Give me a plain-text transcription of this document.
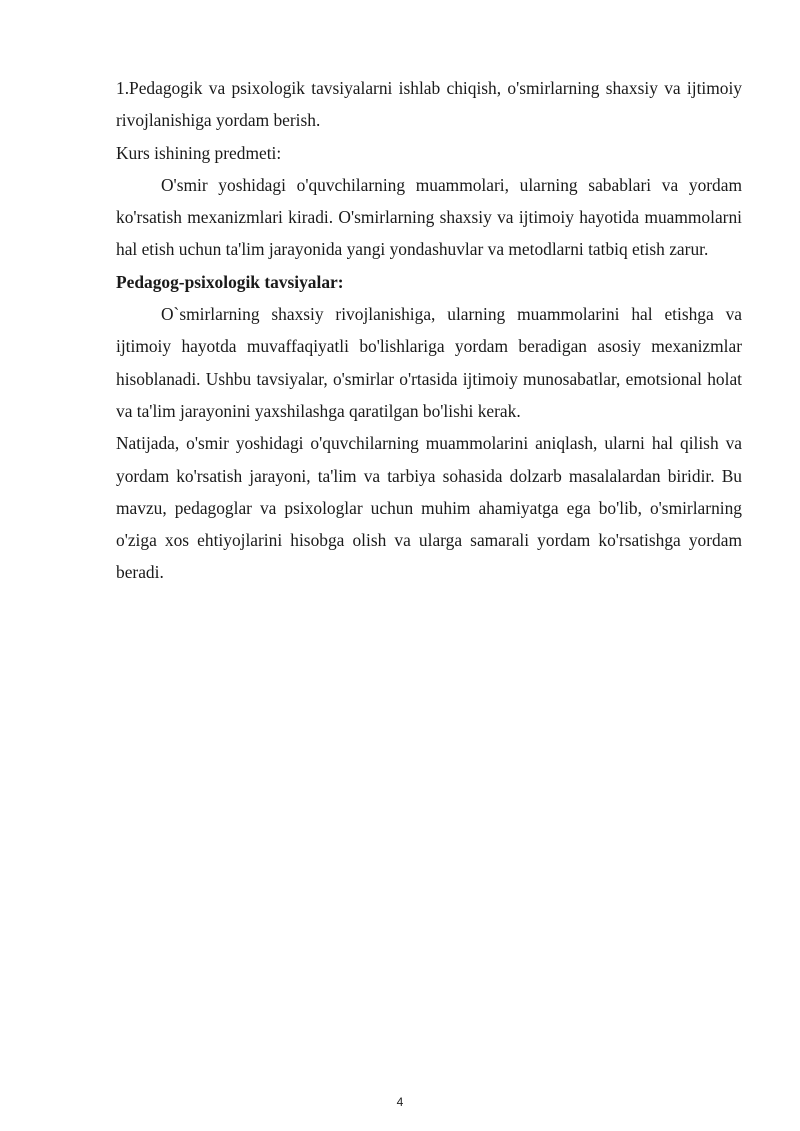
1.Pedagogik va psixologik tavsiyalarni ishlab chiqish, o'smirlarning shaxsiy va ijtimoiy rivojlanishiga yordam berish.

Kurs ishining predmeti:

O'smir yoshidagi o'quvchilarning muammolari, ularning sabablari va yordam ko'rsatish mexanizmlari kiradi. O'smirlarning shaxsiy va ijtimoiy hayotida muammolarni hal etish uchun ta'lim jarayonida yangi yondashuvlar va metodlarni tatbiq etish zarur.

Pedagog-psixologik tavsiyalar:

O`smirlarning shaxsiy rivojlanishiga, ularning muammolarini hal etishga va ijtimoiy hayotda muvaffaqiyatli bo'lishlariga yordam beradigan asosiy mexanizmlar hisoblanadi. Ushbu tavsiyalar, o'smirlar o'rtasida ijtimoiy munosabatlar, emotsional holat va ta'lim jarayonini yaxshilashga qaratilgan bo'lishi kerak.

Natijada, o'smir yoshidagi o'quvchilarning muammolarini aniqlash, ularni hal qilish va yordam ko'rsatish jarayoni, ta'lim va tarbiya sohasida dolzarb masalalardan biridir. Bu mavzu, pedagoglar va psixologlar uchun muhim ahamiyatga ega bo'lib, o'smirlarning o'ziga xos ehtiyojlarini hisobga olish va ularga samarali yordam ko'rsatishga yordam beradi.

4
